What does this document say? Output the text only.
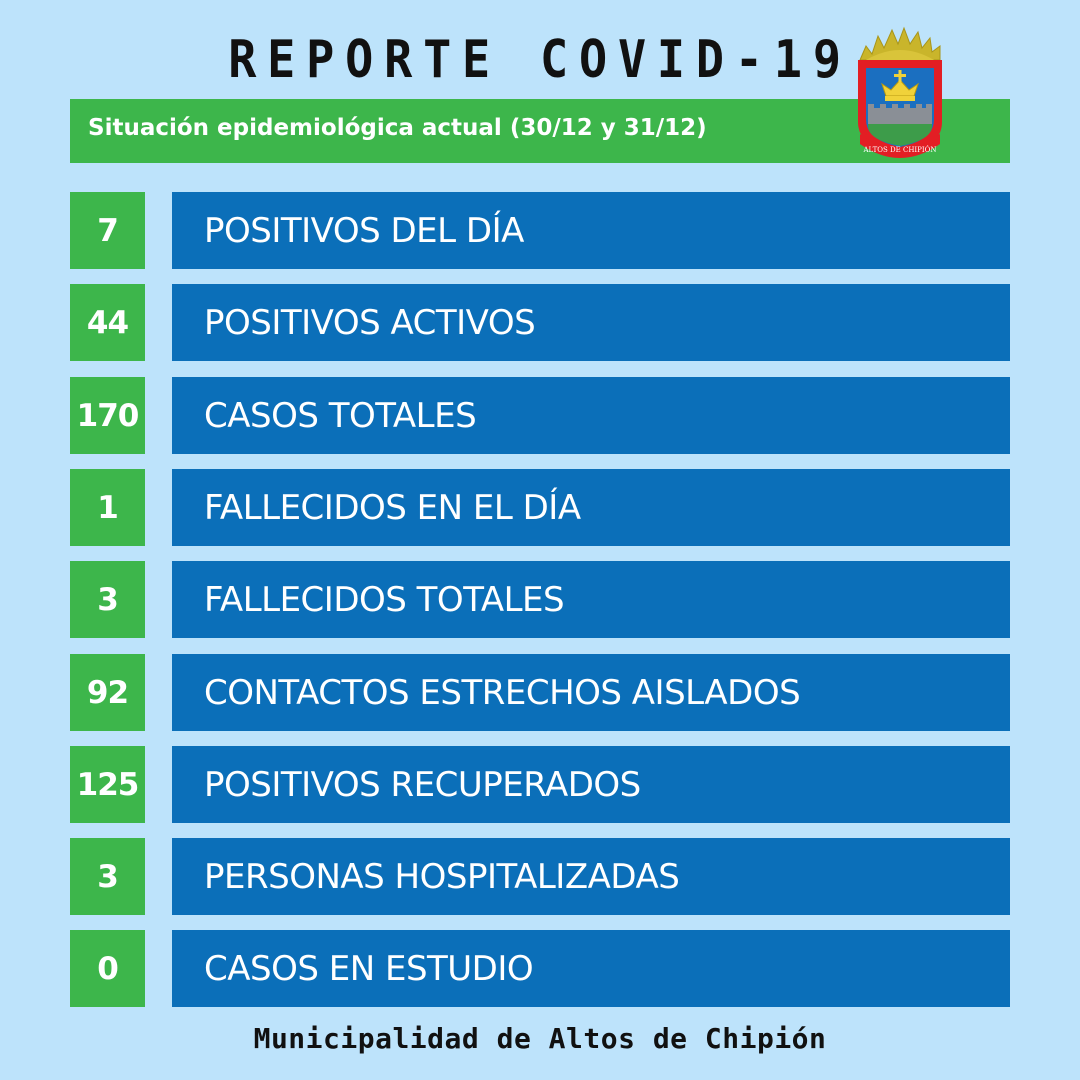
REPORTE COVID-19
Situación epidemiológica actual (30/12 y 31/12)
ALTOS DE CHIPIÓN
7	POSITIVOS DEL DÍA
44	POSITIVOS ACTIVOS
170	CASOS TOTALES
1	FALLECIDOS EN EL DÍA
3	FALLECIDOS TOTALES
92	CONTACTOS ESTRECHOS AISLADOS
125	POSITIVOS RECUPERADOS
3	PERSONAS HOSPITALIZADAS
0	CASOS EN ESTUDIO
Municipalidad de Altos de Chipión
